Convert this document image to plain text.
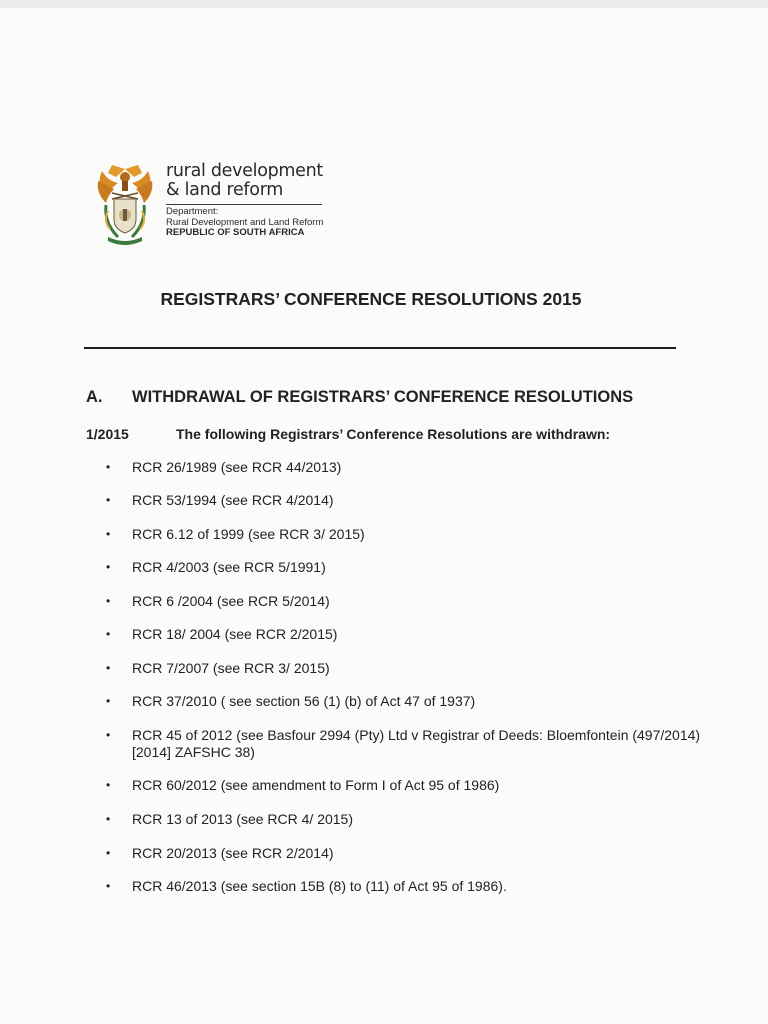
rural development
& land reform
Department:
Rural Development and Land Reform
REPUBLIC OF SOUTH AFRICA
REGISTRARS’ CONFERENCE RESOLUTIONS 2015
A. WITHDRAWAL OF REGISTRARS’ CONFERENCE RESOLUTIONS
1/2015	The following Registrars’ Conference Resolutions are withdrawn:
•	RCR 26/1989 (see RCR 44/2013)
•	RCR 53/1994 (see RCR 4/2014)
•	RCR 6.12 of 1999 (see RCR 3/ 2015)
•	RCR 4/2003 (see RCR 5/1991)
•	RCR 6 /2004 (see RCR 5/2014)
•	RCR 18/ 2004 (see RCR 2/2015)
•	RCR 7/2007 (see RCR 3/ 2015)
•	RCR 37/2010 ( see section 56 (1) (b) of Act 47 of 1937)
•	RCR 45 of 2012 (see Basfour 2994 (Pty) Ltd v Registrar of Deeds: Bloemfontein (497/2014) [2014] ZAFSHC 38)
•	RCR 60/2012 (see amendment to Form I of Act 95 of 1986)
•	RCR 13 of 2013 (see RCR 4/ 2015)
•	RCR 20/2013 (see RCR 2/2014)
•	RCR 46/2013 (see section 15B (8) to (11) of Act 95 of 1986).
